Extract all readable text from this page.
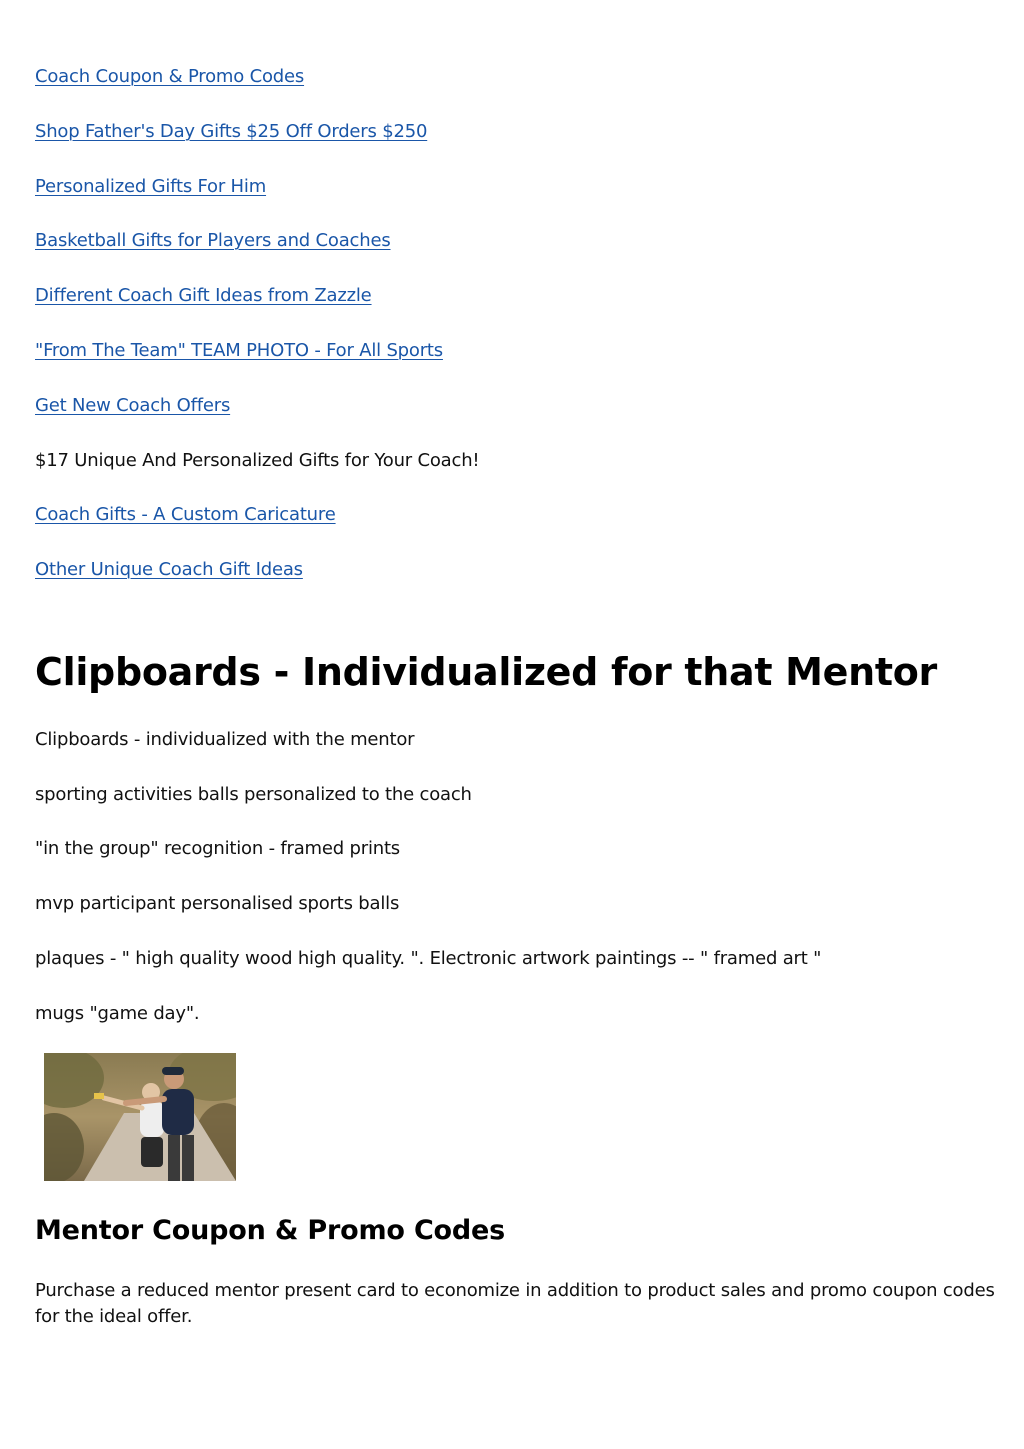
Coach Coupon & Promo Codes
Shop Father's Day Gifts $25 Off Orders $250
Personalized Gifts For Him
Basketball Gifts for Players and Coaches
Different Coach Gift Ideas from Zazzle
"From The Team" TEAM PHOTO - For All Sports
Get New Coach Offers
$17 Unique And Personalized Gifts for Your Coach!
Coach Gifts - A Custom Caricature
Other Unique Coach Gift Ideas
Clipboards - Individualized for that Mentor
Clipboards - individualized with the mentor
sporting activities balls personalized to the coach
"in the group" recognition - framed prints
mvp participant personalised sports balls
plaques - " high quality wood high quality. ". Electronic artwork paintings -- " framed art "
mugs "game day".
Mentor Coupon & Promo Codes

Purchase a reduced mentor present card to economize in addition to product sales and promo coupon codes for the ideal offer.
